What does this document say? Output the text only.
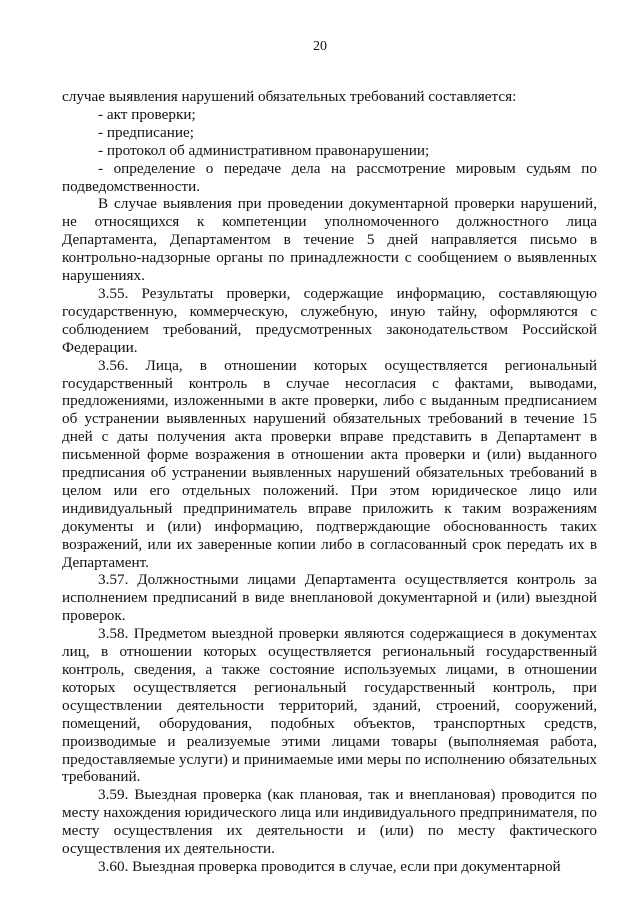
20

случае выявления нарушений обязательных требований составляется:

- акт проверки;

- предписание;

- протокол об административном правонарушении;

- определение о передаче дела на рассмотрение мировым судьям по подведомственности.

В случае выявления при проведении документарной проверки нарушений, не относящихся к компетенции уполномоченного должностного лица Департамента, Департаментом в течение 5 дней направляется письмо в контрольно-надзорные органы по принадлежности с сообщением о выявленных нарушениях.

3.55. Результаты проверки, содержащие информацию, составляющую государственную, коммерческую, служебную, иную тайну, оформляются с соблюдением требований, предусмотренных законодательством Российской Федерации.

3.56. Лица, в отношении которых осуществляется региональный государственный контроль в случае несогласия с фактами, выводами, предложениями, изложенными в акте проверки, либо с выданным предписанием об устранении выявленных нарушений обязательных требований в течение 15 дней с даты получения акта проверки вправе представить в Департамент в письменной форме возражения в отношении акта проверки и (или) выданного предписания об устранении выявленных нарушений обязательных требований в целом или его отдельных положений. При этом юридическое лицо или индивидуальный предприниматель вправе приложить к таким возражениям документы и (или) информацию, подтверждающие обоснованность таких возражений, или их заверенные копии либо в согласованный срок передать их в Департамент.

3.57. Должностными лицами Департамента осуществляется контроль за исполнением предписаний в виде внеплановой документарной и (или) выездной проверок.

3.58. Предметом выездной проверки являются содержащиеся в документах лиц, в отношении которых осуществляется региональный государственный контроль, сведения, а также состояние используемых лицами, в отношении которых осуществляется региональный государственный контроль, при осуществлении деятельности территорий, зданий, строений, сооружений, помещений, оборудования, подобных объектов, транспортных средств, производимые и реализуемые этими лицами товары (выполняемая работа, предоставляемые услуги) и принимаемые ими меры по исполнению обязательных требований.

3.59. Выездная проверка (как плановая, так и внеплановая) проводится по месту нахождения юридического лица или индивидуального предпринимателя, по месту осуществления их деятельности и (или) по месту фактического осуществления их деятельности.

3.60. Выездная проверка проводится в случае, если при документарной
